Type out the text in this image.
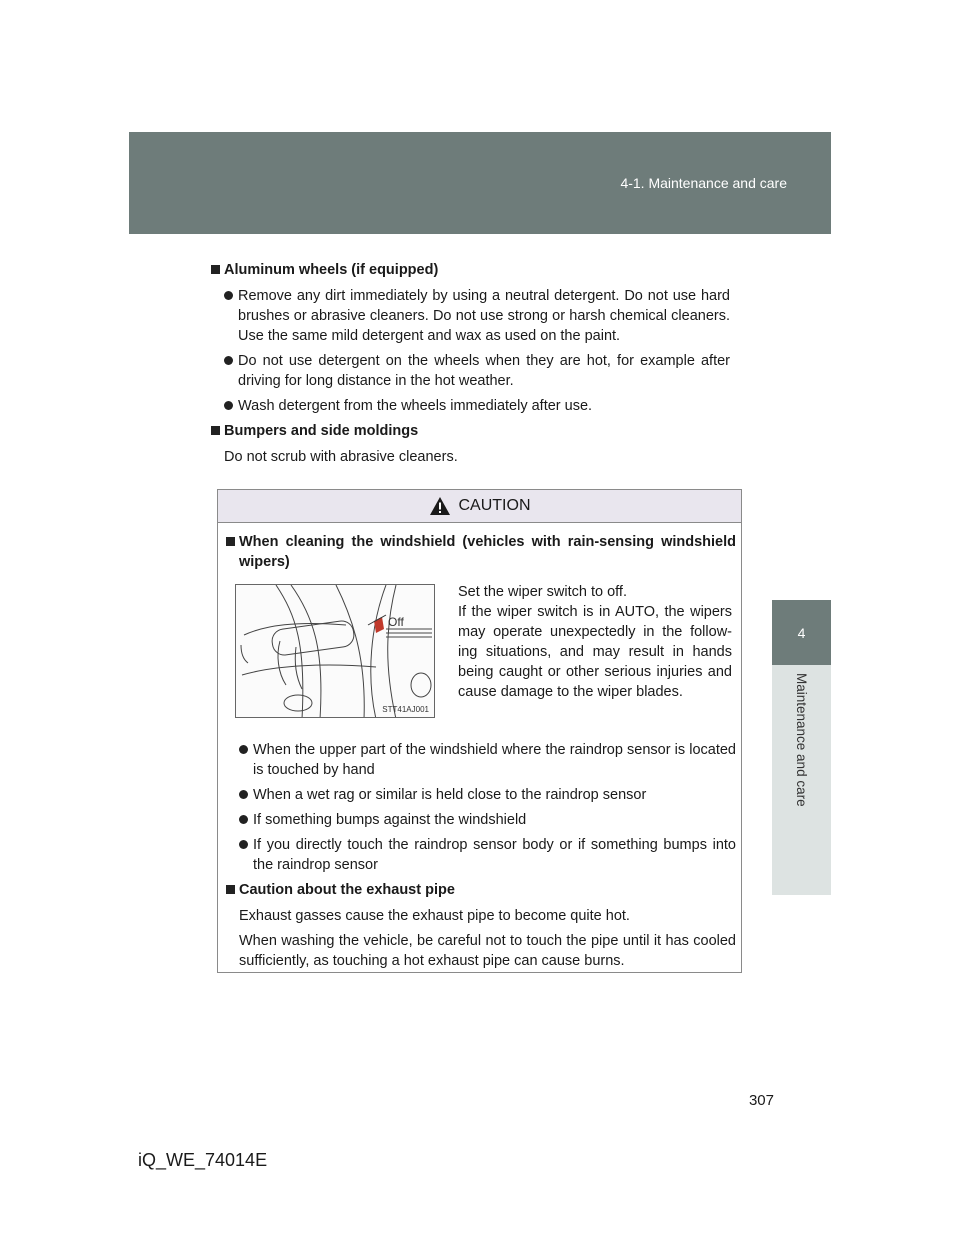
4-1. Maintenance and care
4
Maintenance and care
Aluminum wheels (if equipped)
Remove any dirt immediately by using a neutral detergent. Do not use hard brushes or abrasive cleaners. Do not use strong or harsh chemical cleaners. Use the same mild detergent and wax as used on the paint.
Do not use detergent on the wheels when they are hot, for example after driving for long distance in the hot weather.
Wash detergent from the wheels immediately after use.
Bumpers and side moldings
Do not scrub with abrasive cleaners.
CAUTION
When cleaning the windshield (vehicles with rain-sensing windshield wipers)
When the upper part of the windshield where the raindrop sensor is located is touched by hand
When a wet rag or similar is held close to the raindrop sensor
If something bumps against the windshield
If you directly touch the raindrop sensor body or if something bumps into the raindrop sensor
Caution about the exhaust pipe
Exhaust gasses cause the exhaust pipe to become quite hot.
When washing the vehicle, be careful not to touch the pipe until it has cooled sufficiently, as touching a hot exhaust pipe can cause burns.
Off
STT41AJ001
Set the wiper switch to off.
If the wiper switch is in AUTO, the wipers may operate unexpectedly in the follow-ing situations, and may result in hands being caught or other serious injuries and cause damage to the wiper blades.
307
iQ_WE_74014E
